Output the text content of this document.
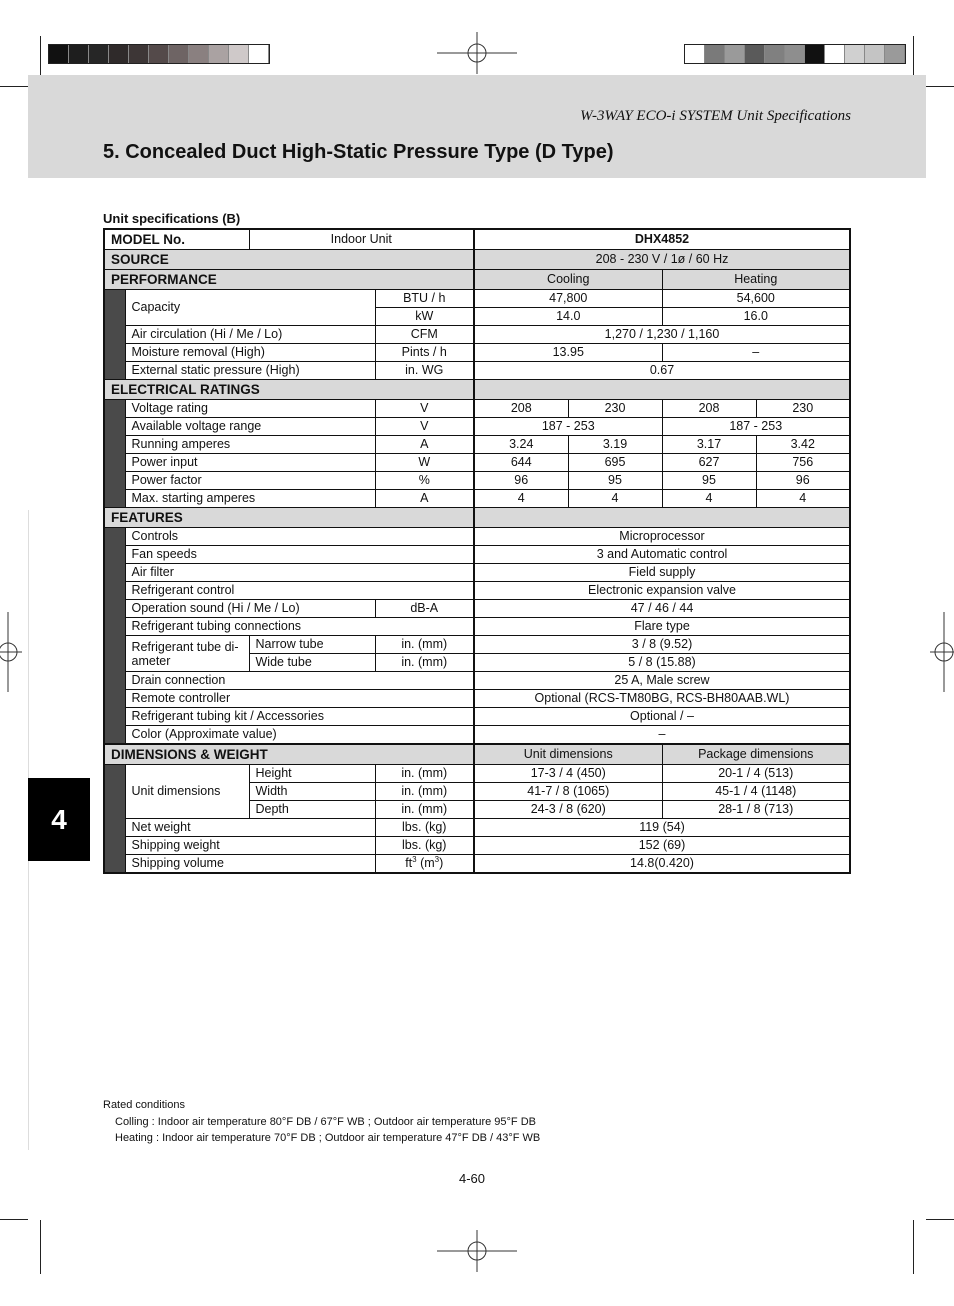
W-3WAY ECO-i SYSTEM Unit Specifications
5. Concealed Duct High-Static Pressure Type (D Type)
4
Unit specifications (B)
MODEL No.		Indoor Unit		DHX4852			
SOURCE				208 - 230 V / 1ø / 60 Hz			
PERFORMANCE				Cooling		Heating	
	Capacity		BTU / h	47,800		54,600	
			kW	14.0		16.0	
	Air circulation (Hi / Me / Lo)		CFM	1,270 / 1,230 / 1,160			
	Moisture removal (High)		Pints / h	13.95		–	
	External static pressure (High)		in. WG	0.67			
ELECTRICAL RATINGS							
	Voltage rating		V	208	230	208	230
	Available voltage range		V	187 - 253		187 - 253	
	Running amperes		A	3.24	3.19	3.17	3.42
	Power input		W	644	695	627	756
	Power factor		%	96	95	95	96
	Max. starting amperes		A	4	4	4	4
FEATURES							
	Controls			Microprocessor			
	Fan speeds			3 and Automatic control			
	Air filter			Field supply			
	Refrigerant control			Electronic expansion valve			
	Operation sound (Hi / Me / Lo)		dB-A	47 / 46 / 44			
	Refrigerant tubing connections			Flare type			
	Refrigerant tube di-ameter	Narrow tube	in. (mm)	3 / 8 (9.52)			
		Wide tube	in. (mm)	5 / 8 (15.88)			
	Drain connection			25 A, Male screw			
	Remote controller			Optional (RCS-TM80BG, RCS-BH80AAB.WL)			
	Refrigerant tubing kit / Accessories			Optional / –			
	Color (Approximate value)			–			
DIMENSIONS & WEIGHT				Unit dimensions		Package dimensions	
	Unit dimensions	Height	in. (mm)	17-3 / 4 (450)		20-1 / 4 (513)	
		Width	in. (mm)	41-7 / 8 (1065)		45-1 / 4 (1148)	
		Depth	in. (mm)	24-3 / 8 (620)		28-1 / 8 (713)	
	Net weight		lbs. (kg)	119 (54)			
	Shipping weight		lbs. (kg)	152 (69)			
	Shipping volume		$ft^3$ $(m^3)$	14.8(0.420)			
Rated conditions
Colling : Indoor air temperature 80°F DB / 67°F WB ; Outdoor air temperature 95°F DB
Heating : Indoor air temperature 70°F DB ; Outdoor air temperature 47°F DB / 43°F WB
4-60
